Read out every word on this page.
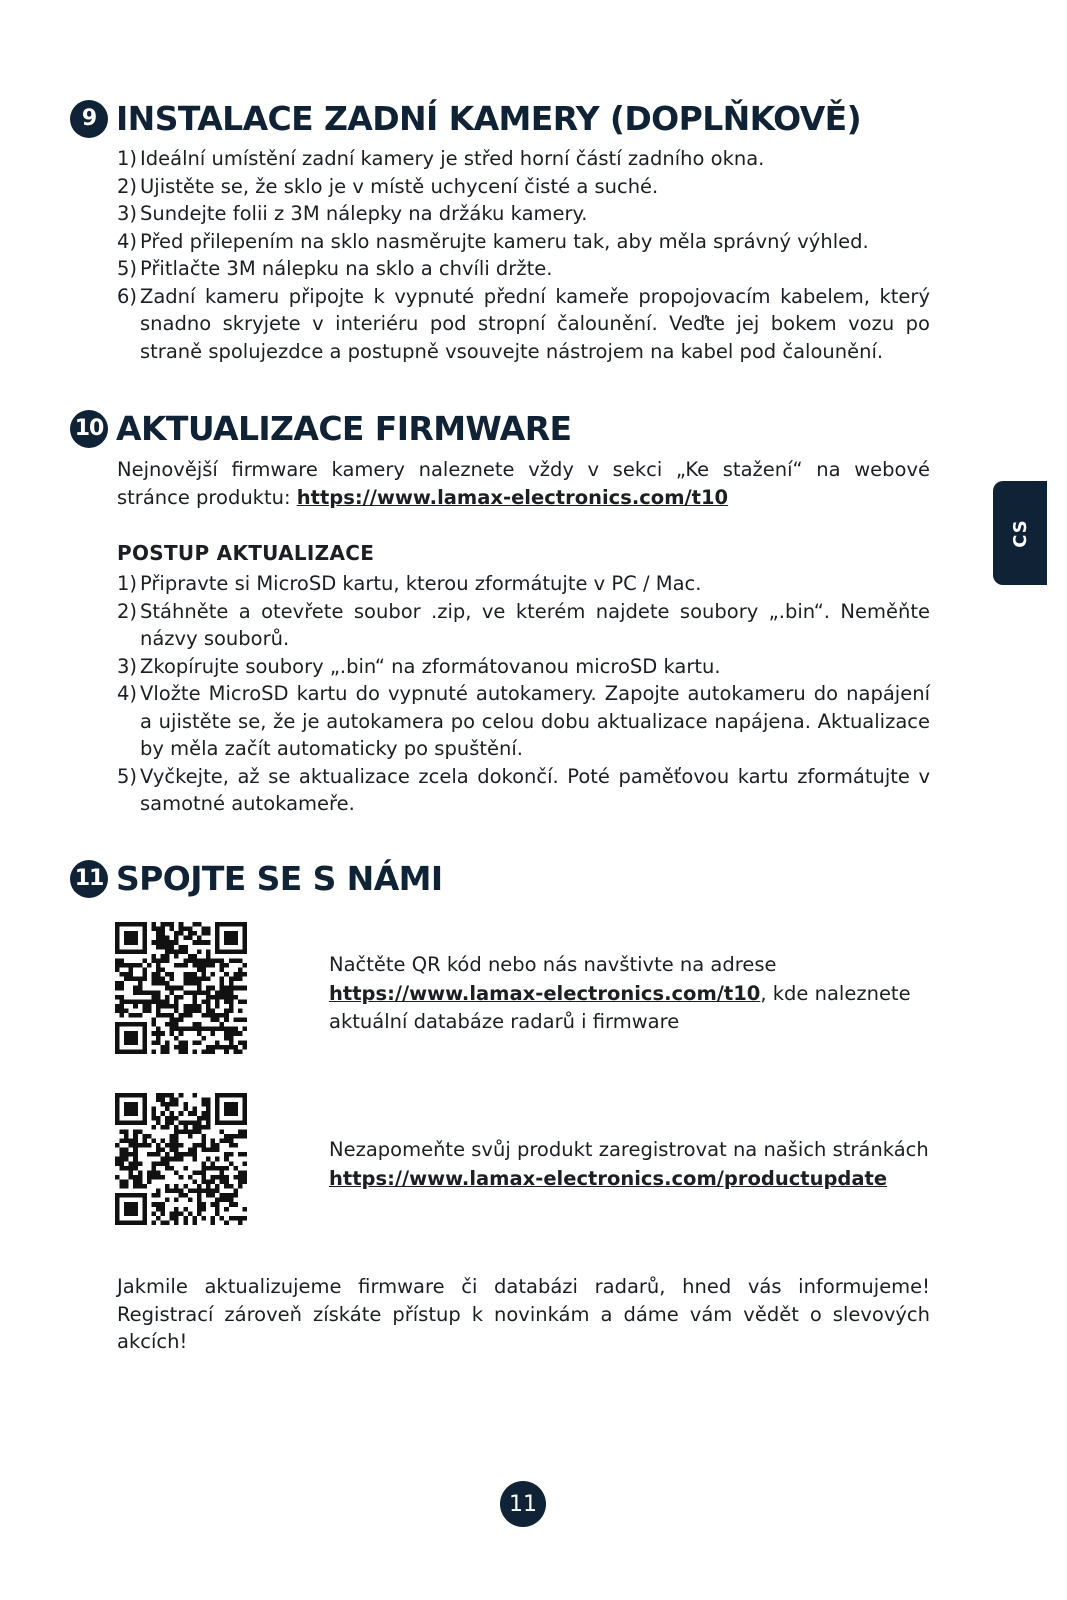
9 INSTALACE ZADNÍ KAMERY (DOPLŇKOVĚ)
1) Ideální umístění zadní kamery je střed horní částí zadního okna.
2) Ujistěte se, že sklo je v místě uchycení čisté a suché.
3) Sundejte folii z 3M nálepky na držáku kamery.
4) Před přilepením na sklo nasměrujte kameru tak, aby měla správný výhled.
5) Přitlačte 3M nálepku na sklo a chvíli držte.
6) Zadní kameru připojte k vypnuté přední kameře propojovacím kabelem, který snadno skryjete v interiéru pod stropní čalounění. Veďte jej bokem vozu po straně spolujezdce a postupně vsouvejte nástrojem na kabel pod čalounění.
10 AKTUALIZACE FIRMWARE
Nejnovější firmware kamery naleznete vždy v sekci „Ke stažení“ na webové stránce produktu: https://www.lamax-electronics.com/t10
POSTUP AKTUALIZACE
1) Připravte si MicroSD kartu, kterou zformátujte v PC / Mac.
2) Stáhněte a otevřete soubor .zip, ve kterém najdete soubory „.bin“. Neměňte názvy souborů.
3) Zkopírujte soubory „.bin“ na zformátovanou microSD kartu.
4) Vložte MicroSD kartu do vypnuté autokamery. Zapojte autokameru do napájení a ujistěte se, že je autokamera po celou dobu aktualizace napájena. Aktualizace by měla začít automaticky po spuštění.
5) Vyčkejte, až se aktualizace zcela dokončí. Poté paměťovou kartu zformátujte v samotné autokameře.
CS
11 SPOJTE SE S NÁMI
Načtěte QR kód nebo nás navštivte na adrese
https://www.lamax-electronics.com/t10, kde naleznete aktuální databáze radarů i firmware
Nezapomeňte svůj produkt zaregistrovat na našich stránkách
https://www.lamax-electronics.com/productupdate
Jakmile aktualizujeme firmware či databázi radarů, hned vás informujeme! Registrací zároveň získáte přístup k novinkám a dáme vám vědět o slevových akcích!
11
